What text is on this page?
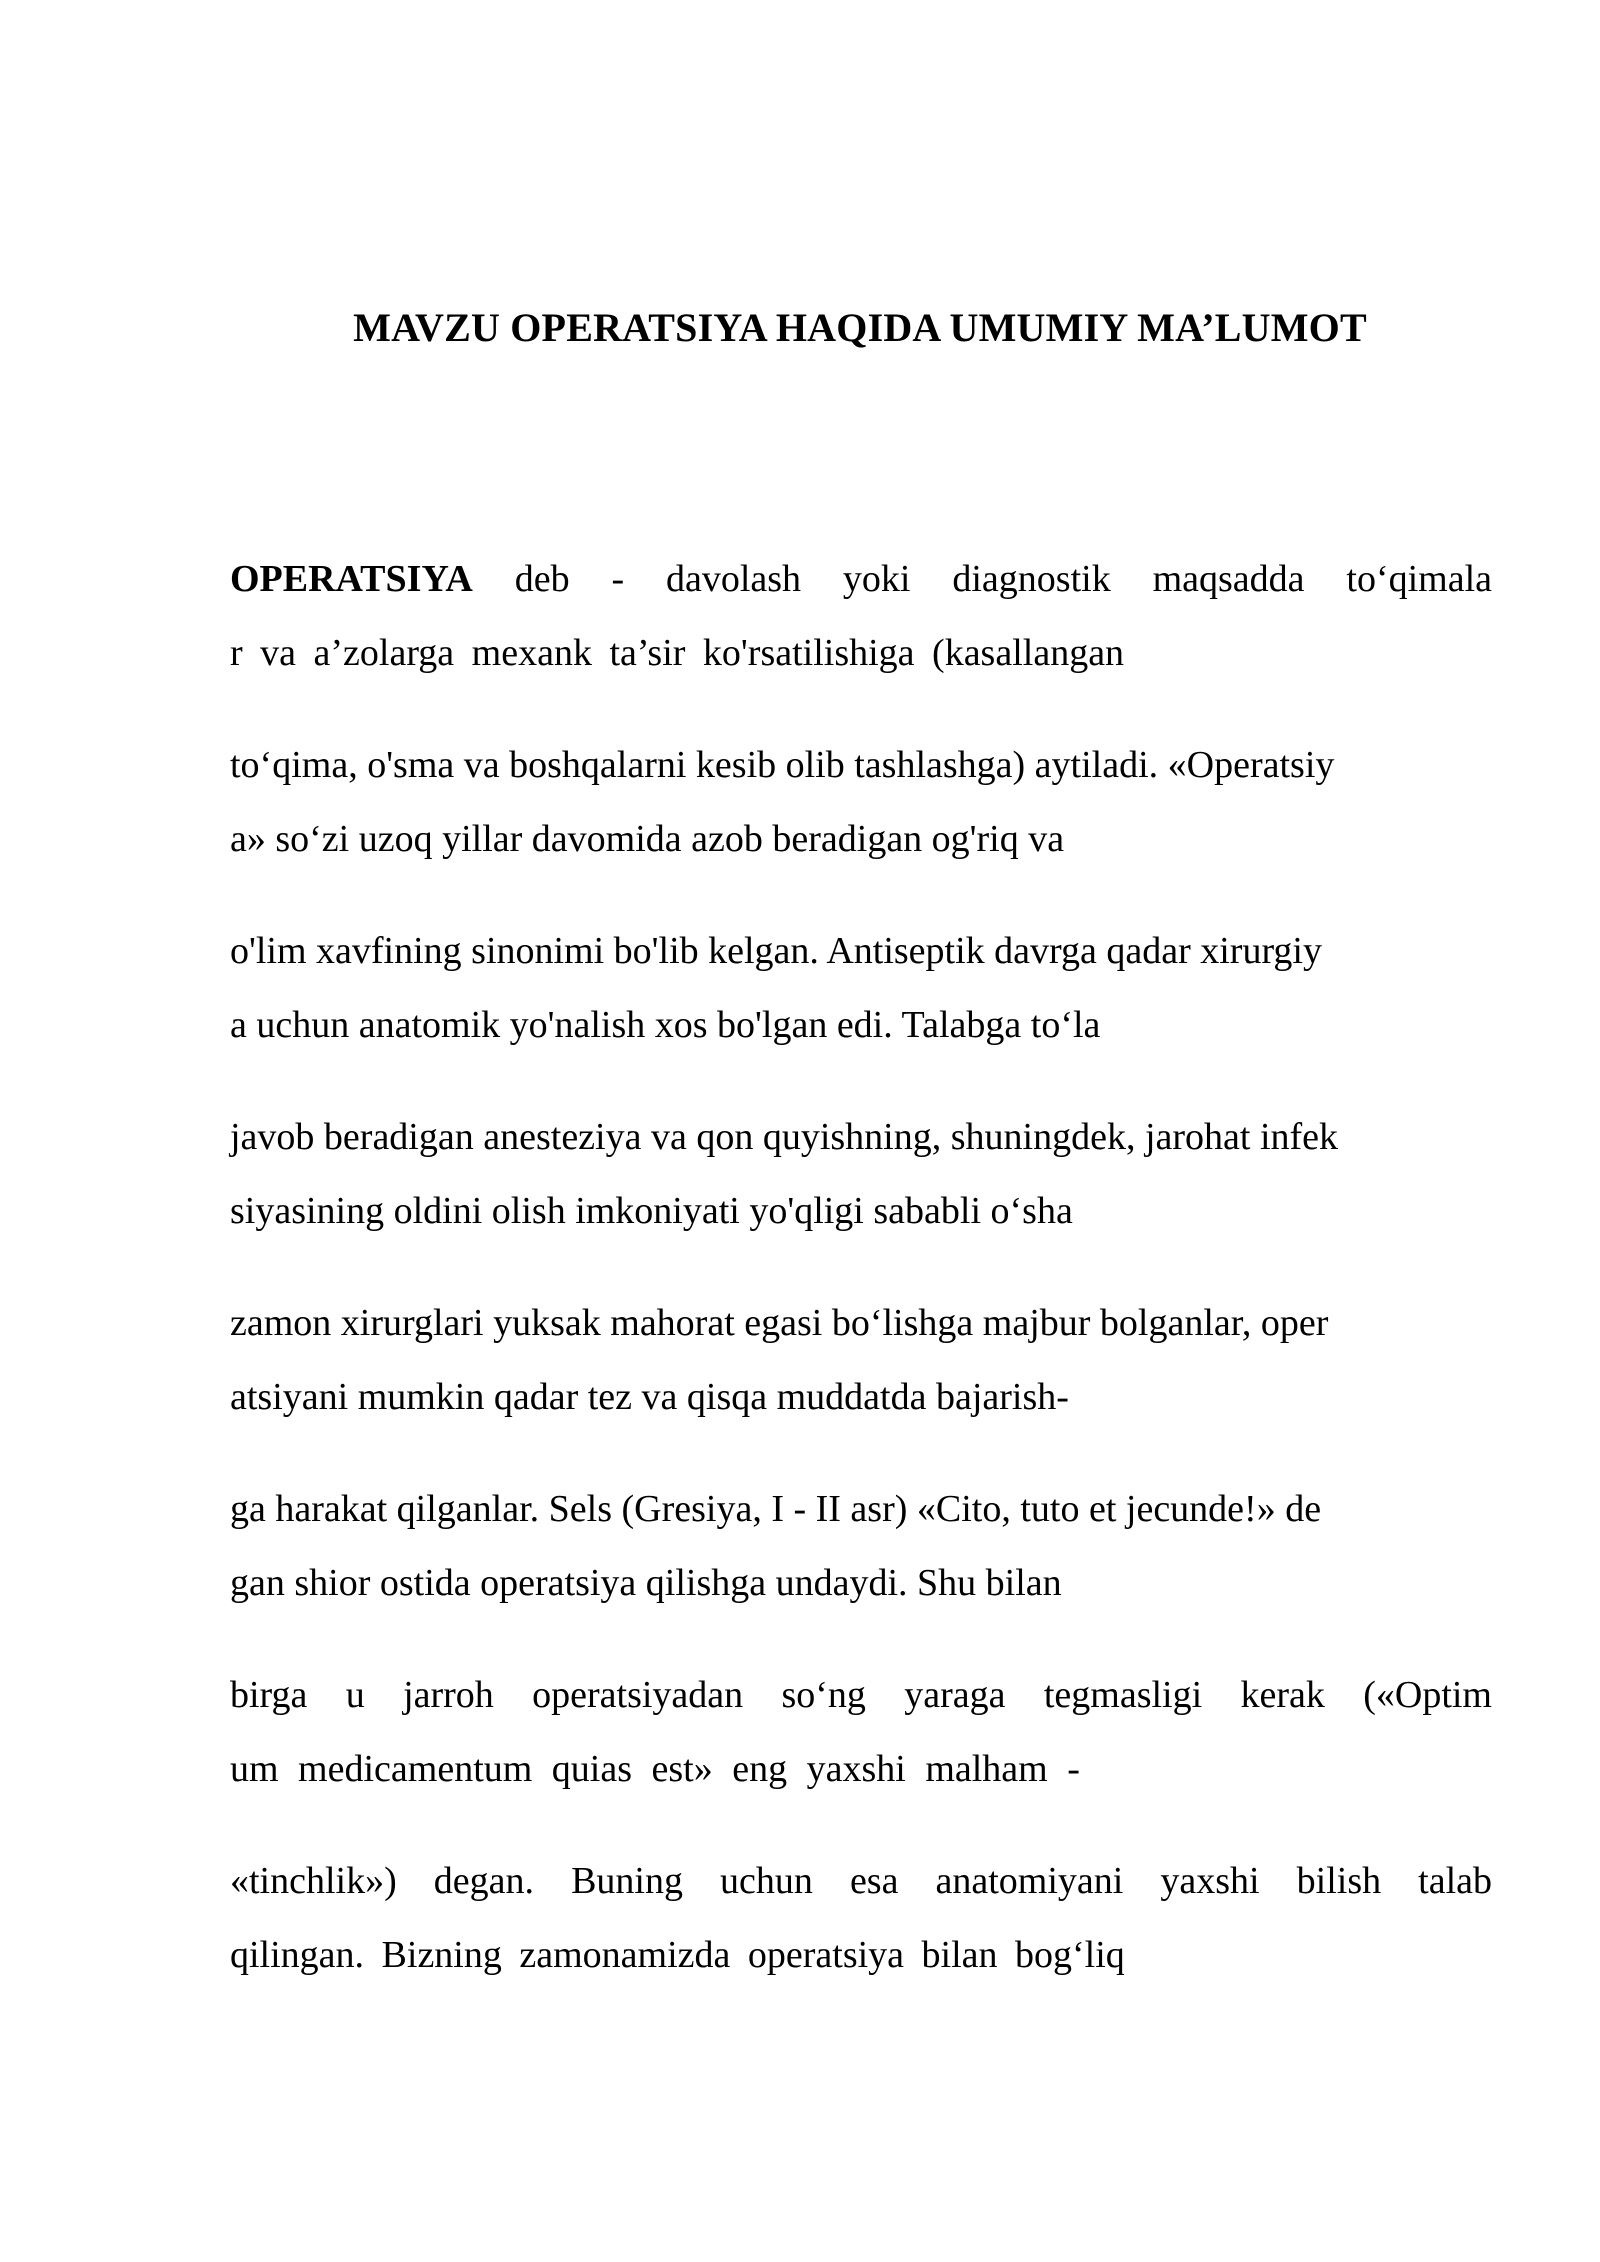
MAVZU OPERATSIYA HAQIDA UMUMIY MA’LUMOT

OPERATSIYA deb - davolash yoki diagnostik maqsadda to‘qimala
r va a’zolarga mexank ta’sir ko'rsatilishiga (kasallangan

to‘qima, o'sma va boshqalarni kesib olib tashlashga) aytiladi. «Operatsiy
a» so‘zi uzoq yillar davomida azob beradigan og'riq va

o'lim xavfining sinonimi bo'lib kelgan. Antiseptik davrga qadar xirurgiy
a uchun anatomik yo'nalish xos bo'lgan edi. Talabga to‘la

javob beradigan anesteziya va qon quyishning, shuningdek, jarohat infek
siyasining oldini olish imkoniyati yo'qligi sababli o‘sha

zamon xirurglari yuksak mahorat egasi bo‘lishga majbur bolganlar, oper
atsiyani mumkin qadar tez va qisqa muddatda bajarish-

ga harakat qilganlar. Sels (Gresiya, I - II asr) «Cito, tuto et jecunde!» de
gan shior ostida operatsiya qilishga undaydi. Shu bilan

birga u jarroh operatsiyadan so‘ng yaraga tegmasligi kerak («Optim
um medicamentum quias est» eng yaxshi malham -

«tinchlik») degan. Buning uchun esa anatomiyani yaxshi bilish talab
qilingan. Bizning zamonamizda operatsiya bilan bog‘liq
